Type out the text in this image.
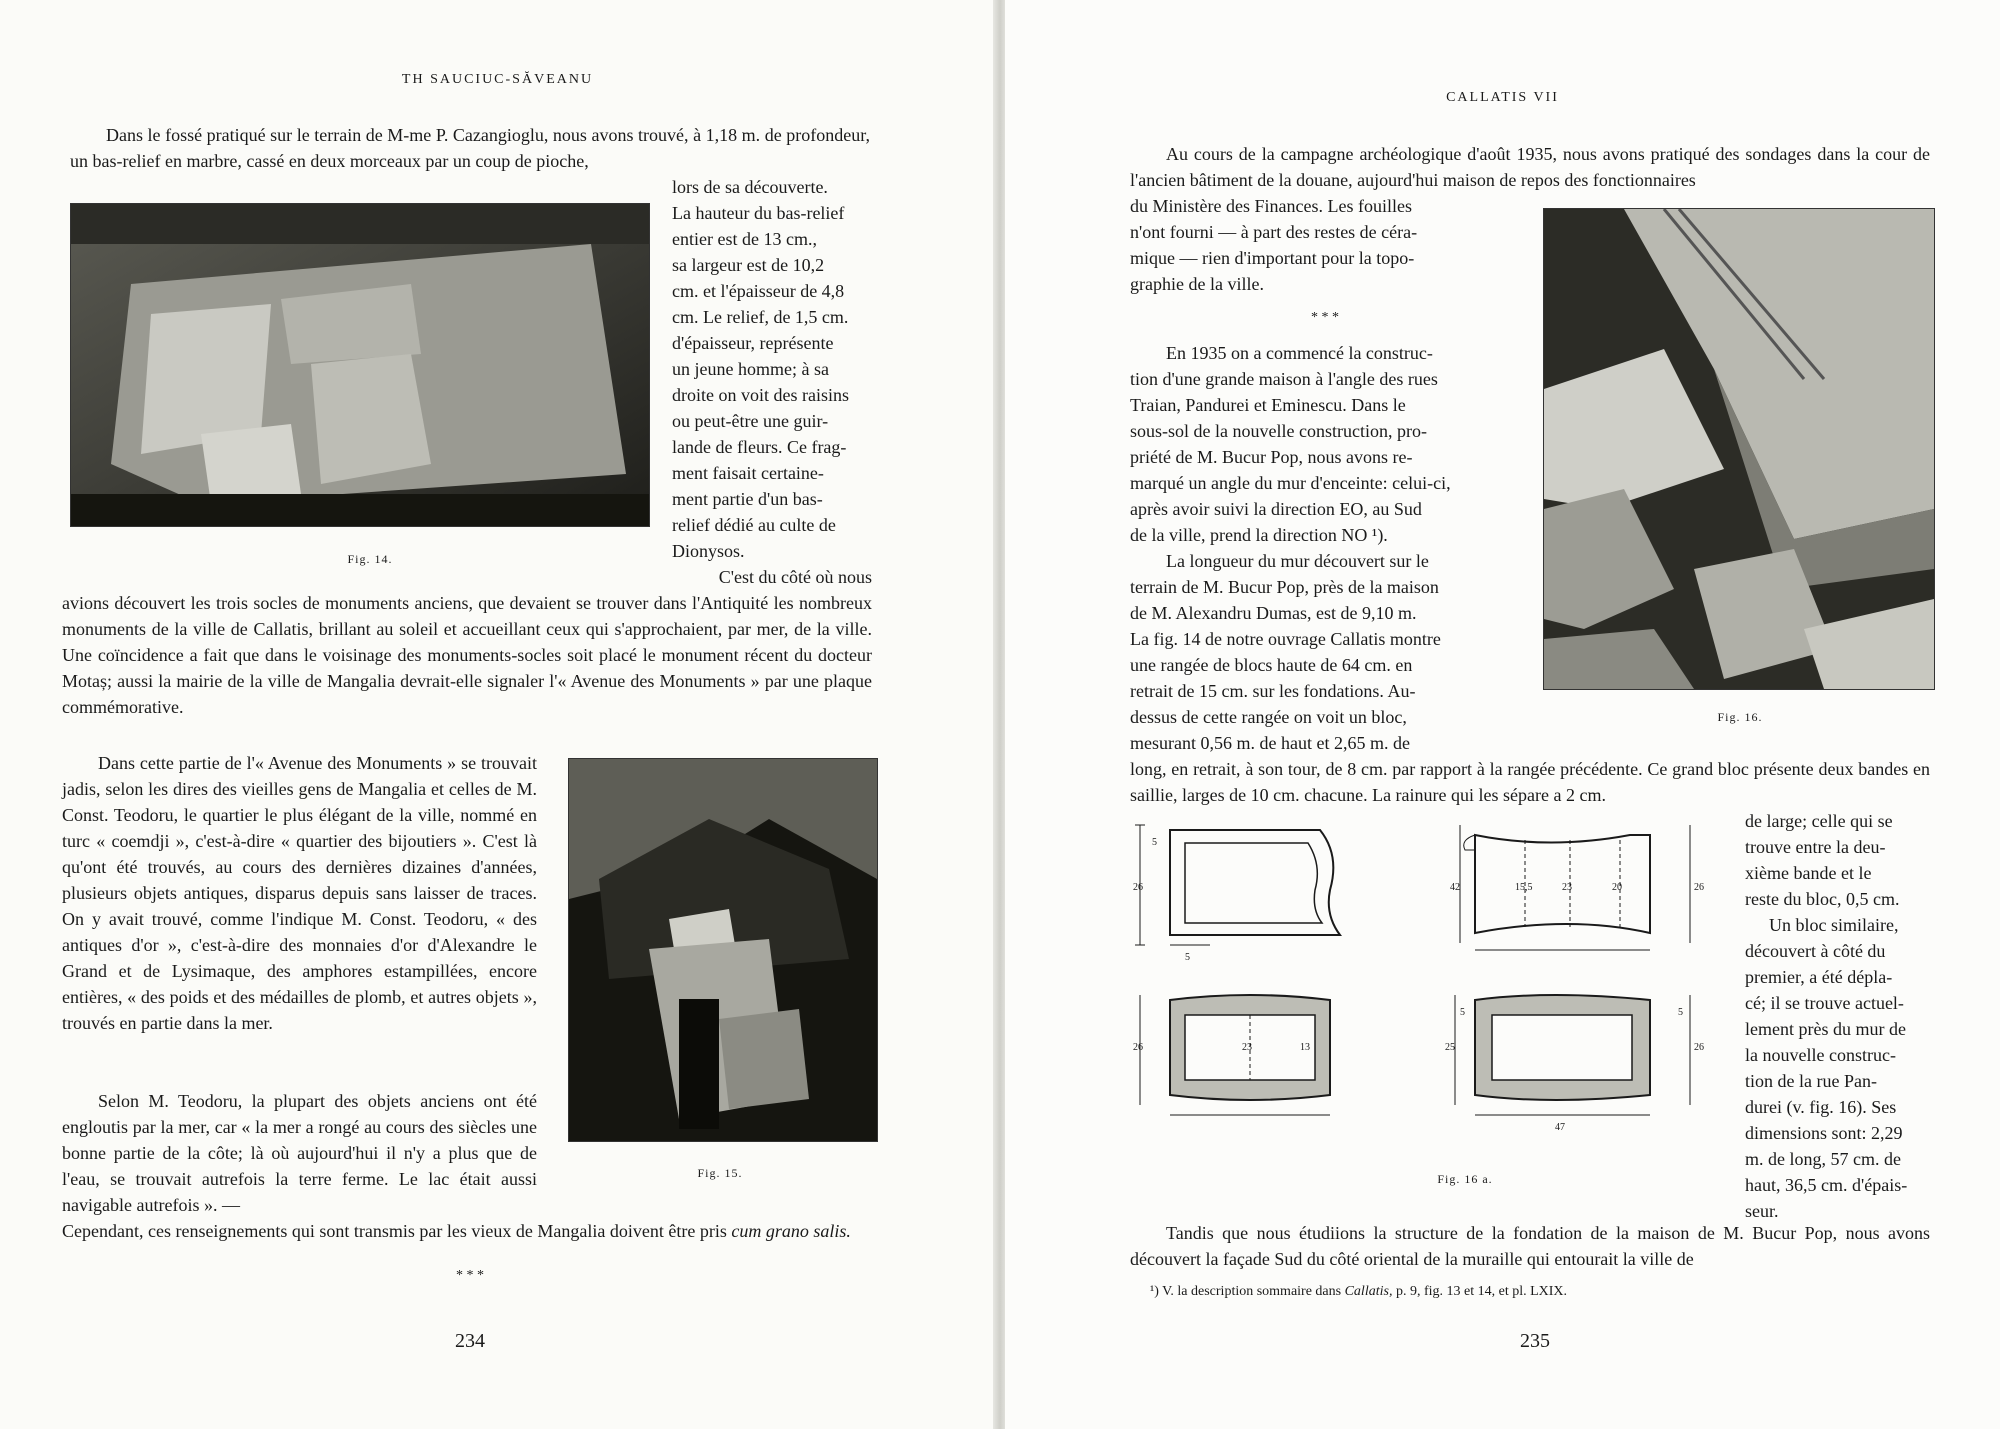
TH SAUCIUC-SĂVEANU

Dans le fossé pratiqué sur le terrain de M-me P. Cazangioglu, nous avons trouvé, à 1,18 m. de profondeur, un bas-relief en marbre, cassé en deux morceaux par un coup de pioche,

Fig. 14.
lors de sa découverte.
La hauteur du bas-relief
entier est de 13 cm.,
sa largeur est de 10,2
cm. et l'épaisseur de 4,8
cm. Le relief, de 1,5 cm.
d'épaisseur, représente
un jeune homme; à sa
droite on voit des raisins
ou peut-être une guir-
lande de fleurs. Ce frag-
ment faisait certaine-
ment partie d'un bas-
relief dédié au culte de
Dionysos.
C'est du côté où nous

avions découvert les trois socles de monuments anciens, que devaient se trouver dans l'Antiquité les nombreux monuments de la ville de Callatis, brillant au soleil et accueillant ceux qui s'approchaient, par mer, de la ville. Une coïncidence a fait que dans le voisinage des monuments-socles soit placé le monument récent du docteur Motaș; aussi la mairie de la ville de Mangalia devrait-elle signaler l'« Avenue des Monuments » par une plaque commémorative.

Dans cette partie de l'« Avenue des Monuments » se trouvait jadis, selon les dires des vieilles gens de Mangalia et celles de M. Const. Teodoru, le quartier le plus élégant de la ville, nommé en turc « coemdji », c'est-à-dire « quartier des bijoutiers ». C'est là qu'ont été trouvés, au cours des dernières dizaines d'années, plusieurs objets antiques, disparus depuis sans laisser de traces. On y avait trouvé, comme l'indique M. Const. Teodoru, « des antiques d'or », c'est-à-dire des monnaies d'or d'Alexandre le Grand et de Lysimaque, des amphores estampillées, encore entières, « des poids et des médailles de plomb, et autres objets », trouvés en partie dans la mer.

Fig. 15.

Selon M. Teodoru, la plupart des objets anciens ont été engloutis par la mer, car « la mer a rongé au cours des siècles une bonne partie de la côte; là où aujourd'hui il n'y a plus que de l'eau, se trouvait autrefois la terre ferme. Le lac était aussi navigable autrefois ». —

Cependant, ces renseignements qui sont transmis par les vieux de Mangalia doivent être pris cum grano salis.

* * *
234
CALLATIS VII

Au cours de la campagne archéologique d'août 1935, nous avons pratiqué des sondages dans la cour de l'ancien bâtiment de la douane, aujourd'hui maison de repos des fonctionnaires

du Ministère des Finances. Les fouilles
n'ont fourni — à part des restes de céra-
mique — rien d'important pour la topo-
graphie de la ville.
* * *
En 1935 on a commencé la construc-
tion d'une grande maison à l'angle des rues
Traian, Pandurei et Eminescu. Dans le
sous-sol de la nouvelle construction, pro-
priété de M. Bucur Pop, nous avons re-
marqué un angle du mur d'enceinte: celui-ci,
après avoir suivi la direction EO, au Sud
de la ville, prend la direction NO ¹).
La longueur du mur découvert sur le
terrain de M. Bucur Pop, près de la maison
de M. Alexandru Dumas, est de 9,10 m.
La fig. 14 de notre ouvrage Callatis montre
une rangée de blocs haute de 64 cm. en
retrait de 15 cm. sur les fondations. Au-
dessus de cette rangée on voit un bloc,
mesurant 0,56 m. de haut et 2,65 m. de
Fig. 16.

long, en retrait, à son tour, de 8 cm. par rapport à la rangée précédente. Ce grand bloc présente deux bandes en saillie, larges de 10 cm. chacune. La rainure qui les sépare a 2 cm.

26
5
5
42	15,5	23	20	26
26	23	13	26
25
5	5
47
Fig. 16 a.
de large; celle qui se
trouve entre la deu-
xième bande et le
reste du bloc, 0,5 cm.
Un bloc similaire,
découvert à côté du
premier, a été dépla-
cé; il se trouve actuel-
lement près du mur de
la nouvelle construc-
tion de la rue Pan-
durei (v. fig. 16). Ses
dimensions sont: 2,29
m. de long, 57 cm. de
haut, 36,5 cm. d'épais-
seur.

Tandis que nous étudiions la structure de la fondation de la maison de M. Bucur Pop, nous avons découvert la façade Sud du côté oriental de la muraille qui entourait la ville de

¹) V. la description sommaire dans Callatis, p. 9, fig. 13 et 14, et pl. LXIX.
235
